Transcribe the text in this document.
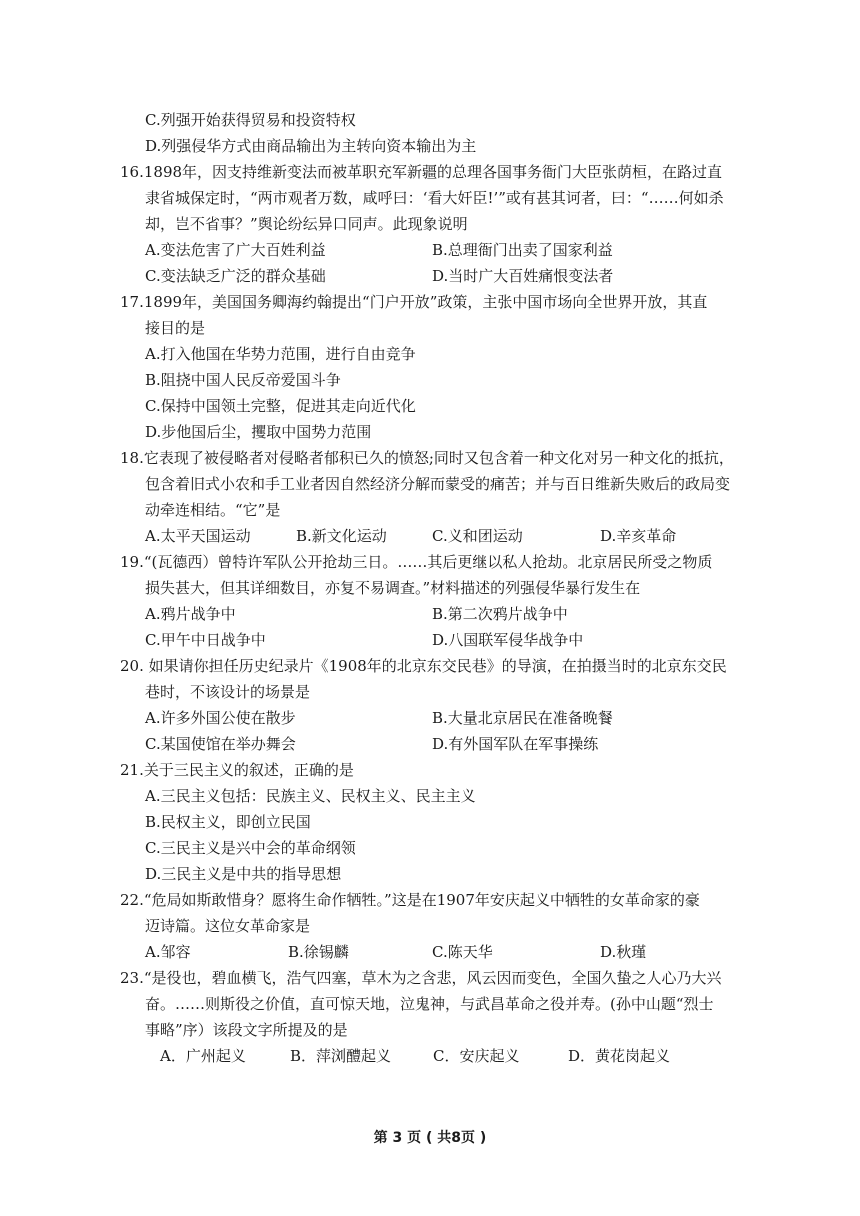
C.列强开始获得贸易和投资特权
D.列强侵华方式由商品输出为主转向资本输出为主
16.1898年，因支持维新变法而被革职充军新疆的总理各国事务衙门大臣张荫桓，在路过直
隶省城保定时，“两市观者万数，咸呼曰：‘看大奸臣!’”或有甚其诃者，曰：“……何如杀
却，岂不省事？”舆论纷纭异口同声。此现象说明
A.变法危害了广大百姓利益	B.总理衙门出卖了国家利益
C.变法缺乏广泛的群众基础	D.当时广大百姓痛恨变法者
17.1899年，美国国务卿海约翰提出“门户开放”政策，主张中国市场向全世界开放，其直
接目的是
A.打入他国在华势力范围，进行自由竞争
B.阻挠中国人民反帝爱国斗争
C.保持中国领土完整，促进其走向近代化
D.步他国后尘，攫取中国势力范围
18.它表现了被侵略者对侵略者郁积已久的愤怒;同时又包含着一种文化对另一种文化的抵抗，
包含着旧式小农和手工业者因自然经济分解而蒙受的痛苦；并与百日维新失败后的政局变
动牵连相结。“它”是
A.太平天国运动	B.新文化运动	C.义和团运动	D.辛亥革命
19.“(瓦德西）曾特许军队公开抢劫三日。……其后更继以私人抢劫。北京居民所受之物质
损失甚大，但其详细数目，亦复不易调查。”材料描述的列强侵华暴行发生在
A.鸦片战争中	B.第二次鸦片战争中
C.甲午中日战争中	D.八国联军侵华战争中
20. 如果请你担任历史纪录片《1908年的北京东交民巷》的导演，在拍摄当时的北京东交民
巷时，不该设计的场景是
A.许多外国公使在散步	B.大量北京居民在准备晚餐
C.某国使馆在举办舞会	D.有外国军队在军事操练
21.关于三民主义的叙述，正确的是
A.三民主义包括：民族主义、民权主义、民主主义
B.民权主义，即创立民国
C.三民主义是兴中会的革命纲领
D.三民主义是中共的指导思想
22.“危局如斯敢惜身？愿将生命作牺牲。”这是在1907年安庆起义中牺牲的女革命家的豪
迈诗篇。这位女革命家是
A.邹容	B.徐锡麟	C.陈天华	D.秋瑾
23.“是役也，碧血横飞，浩气四塞，草木为之含悲，风云因而变色，全国久蛰之人心乃大兴
奋。……则斯役之价值，直可惊天地，泣鬼神，与武昌革命之役并寿。(孙中山题“烈士
事略”序）该段文字所提及的是
A．广州起义	B．萍浏醴起义	C．安庆起义	D．黄花岗起义
第 3 页 ( 共8页 )
